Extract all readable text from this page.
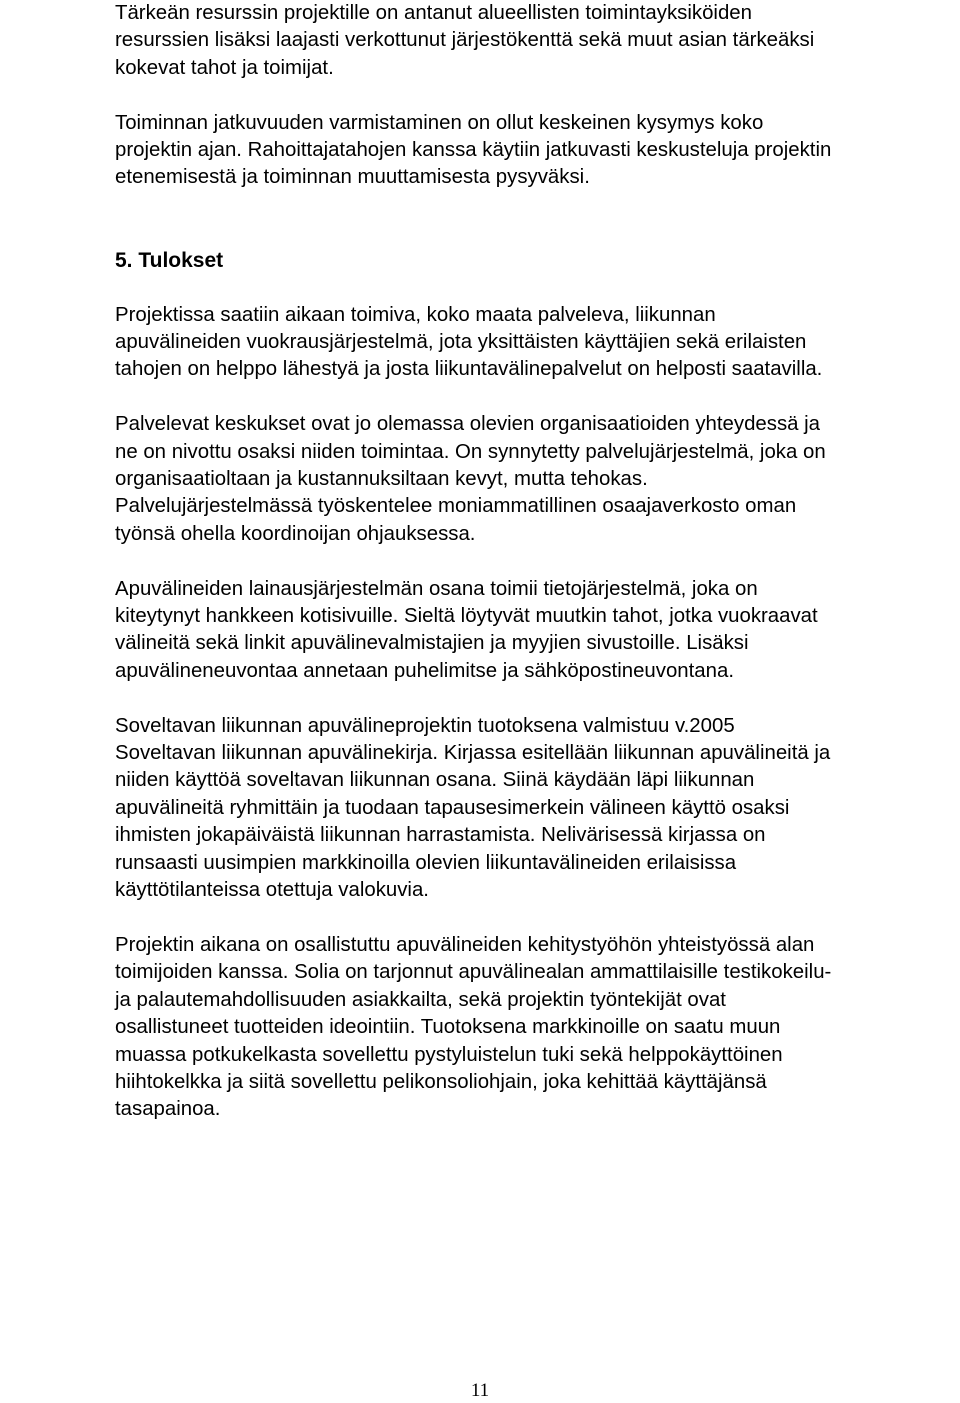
Tärkeän resurssin projektille on antanut alueellisten toimintayksiköiden
resurssien lisäksi laajasti verkottunut järjestökenttä sekä muut asian tärkeäksi
kokevat tahot ja toimijat.

Toiminnan jatkuvuuden varmistaminen on ollut keskeinen kysymys koko
projektin ajan. Rahoittajatahojen kanssa käytiin jatkuvasti keskusteluja projektin
etenemisestä ja toiminnan muuttamisesta pysyväksi.

5. Tulokset

Projektissa saatiin aikaan toimiva, koko maata palveleva, liikunnan
apuvälineiden vuokrausjärjestelmä, jota yksittäisten käyttäjien sekä erilaisten
tahojen on helppo lähestyä ja josta liikuntavälinepalvelut on helposti saatavilla.

Palvelevat keskukset ovat jo olemassa olevien organisaatioiden yhteydessä ja
ne on nivottu osaksi niiden toimintaa. On synnytetty palvelujärjestelmä, joka on
organisaatioltaan ja kustannuksiltaan kevyt, mutta tehokas.
Palvelujärjestelmässä työskentelee moniammatillinen osaajaverkosto oman
työnsä ohella koordinoijan ohjauksessa.

Apuvälineiden lainausjärjestelmän osana toimii tietojärjestelmä, joka on
kiteytynyt hankkeen kotisivuille. Sieltä löytyvät muutkin tahot, jotka vuokraavat
välineitä sekä linkit apuvälinevalmistajien ja myyjien sivustoille. Lisäksi
apuvälineneuvontaa annetaan puhelimitse ja sähköpostineuvontana.

Soveltavan liikunnan apuvälineprojektin tuotoksena valmistuu v.2005
Soveltavan liikunnan apuvälinekirja. Kirjassa esitellään liikunnan apuvälineitä ja
niiden käyttöä soveltavan liikunnan osana. Siinä käydään läpi liikunnan
apuvälineitä ryhmittäin ja tuodaan tapausesimerkein välineen käyttö osaksi
ihmisten jokapäiväistä liikunnan harrastamista. Nelivärisessä kirjassa on
runsaasti uusimpien markkinoilla olevien liikuntavälineiden erilaisissa
käyttötilanteissa otettuja valokuvia.

Projektin aikana on osallistuttu apuvälineiden kehitystyöhön yhteistyössä alan
toimijoiden kanssa. Solia on tarjonnut apuvälinealan ammattilaisille testikokeilu-
ja palautemahdollisuuden asiakkailta, sekä projektin työntekijät ovat
osallistuneet tuotteiden ideointiin. Tuotoksena markkinoille on saatu muun
muassa potkukelkasta sovellettu pystyluistelun tuki sekä helppokäyttöinen
hiihtokelkka ja siitä sovellettu pelikonsoliohjain, joka kehittää käyttäjänsä
tasapainoa.

11
